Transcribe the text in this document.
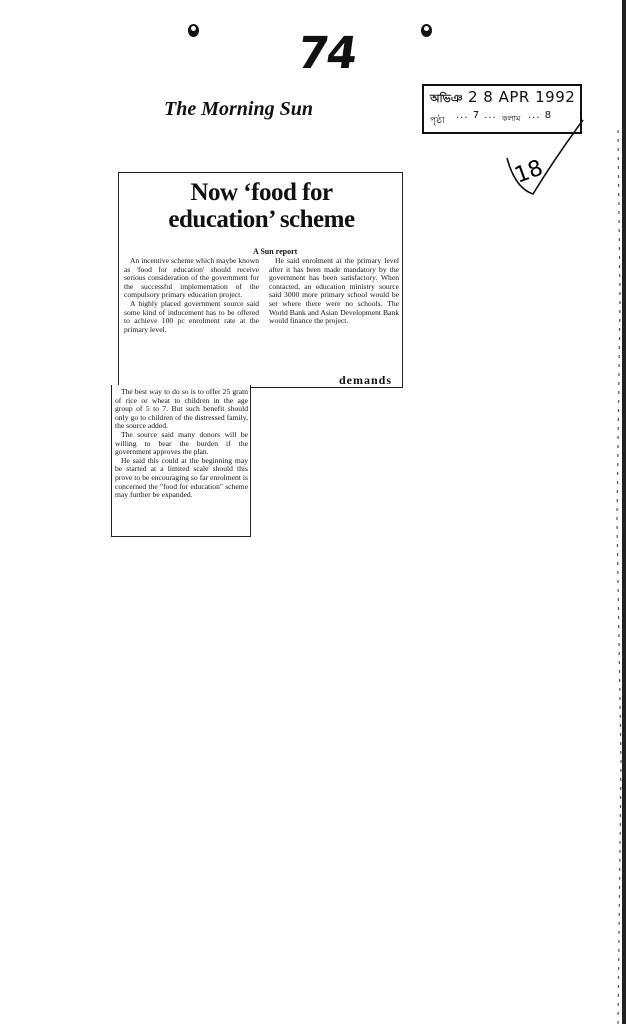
74
The Morning Sun	অভিঞ 2 8 APR 1992
পৃষ্ঠা ... 7 ... কলাম ... 8
18
Now ‘food for
education’ scheme
A Sun report

An incentive scheme which maybe known as 'food for education' should receive serious consideration of the government for the successful implementation of the compulsory primary education project.

A highly placed government source said some kind of inducement has to be offered to achieve 100 pc enrolment rate at the primary level.

He said enrolment at the primary level after it has been made mandatory by the government has been satisfactory. When contacted, an education ministry source said 3000 more primary school would be set where there were no schools. The World Bank and Asian Development Bank would finance the project.

demands

The best way to do so is to offer 25 gram of rice or wheat to children in the age group of 5 to 7. But such benefit should only go to children of the distressed family, the source added.

The source said many donors will be willing to bear the burden if the government approves the plan.

He said this could at the beginning may be started at a limited scale should this prove to be encouraging so far enrolment is concerned the "food for education" scheme may further be expanded.
